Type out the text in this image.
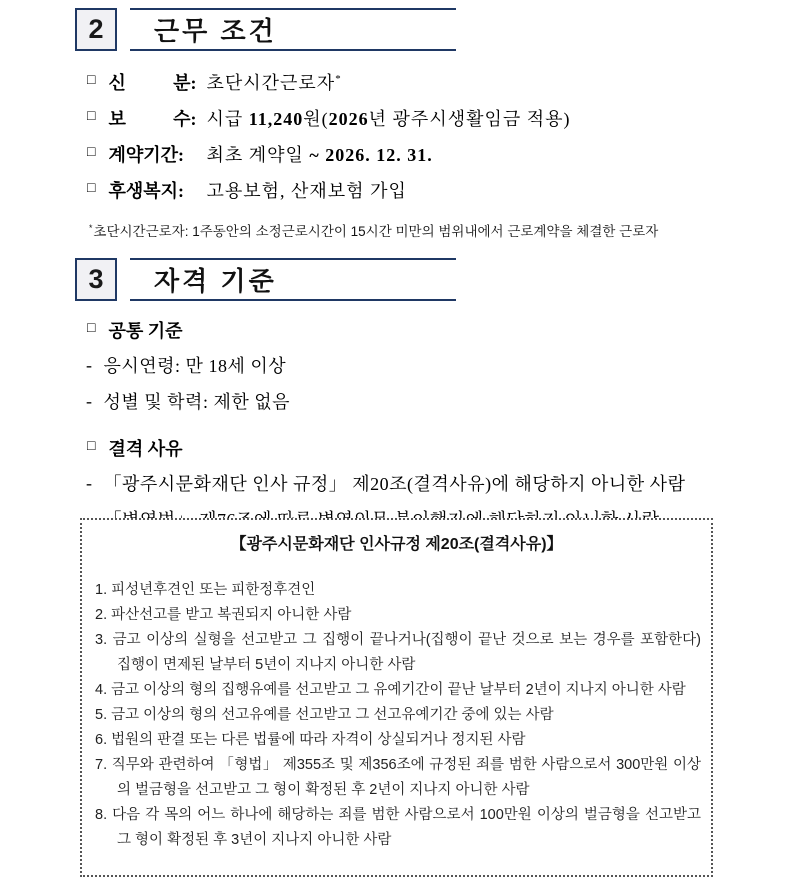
2	근무 조건
□ 신 분: 초단시간근로자*
□ 보 수: 시급 11,240원(2026년 광주시생활임금 적용)
□ 계약기간:	최초 계약일 ~ 2026. 12. 31.
□ 후생복지:	고용보험, 산재보험 가입

*초단시간근로자: 1주동안의 소정근로시간이 15시간 미만의 범위내에서 근로계약을 체결한 근로자

3	자격 기준
□ 공통 기준
- 응시연령: 만 18세 이상
- 성별 및 학력: 제한 없음
□ 결격 사유
- 「광주시문화재단 인사 규정」 제20조(결격사유)에 해당하지 아니한 사람
【광주시문화재단 인사규정 제20조(결격사유)】
1. 피성년후견인 또는 피한정후견인
2. 파산선고를 받고 복권되지 아니한 사람
3. 금고 이상의 실형을 선고받고 그 집행이 끝나거나(집행이 끝난 것으로 보는 경우를 포함한다) 집행이 면제된 날부터 5년이 지나지 아니한 사람
4. 금고 이상의 형의 집행유예를 선고받고 그 유예기간이 끝난 날부터 2년이 지나지 아니한 사람
5. 금고 이상의 형의 선고유예를 선고받고 그 선고유예기간 중에 있는 사람
6. 법원의 판결 또는 다른 법률에 따라 자격이 상실되거나 정지된 사람
7. 직무와 관련하여 「형법」 제355조 및 제356조에 규정된 죄를 범한 사람으로서 300만원 이상의 벌금형을 선고받고 그 형이 확정된 후 2년이 지나지 아니한 사람
8. 다음 각 목의 어느 하나에 해당하는 죄를 범한 사람으로서 100만원 이상의 벌금형을 선고받고 그 형이 확정된 후 3년이 지나지 아니한 사람
